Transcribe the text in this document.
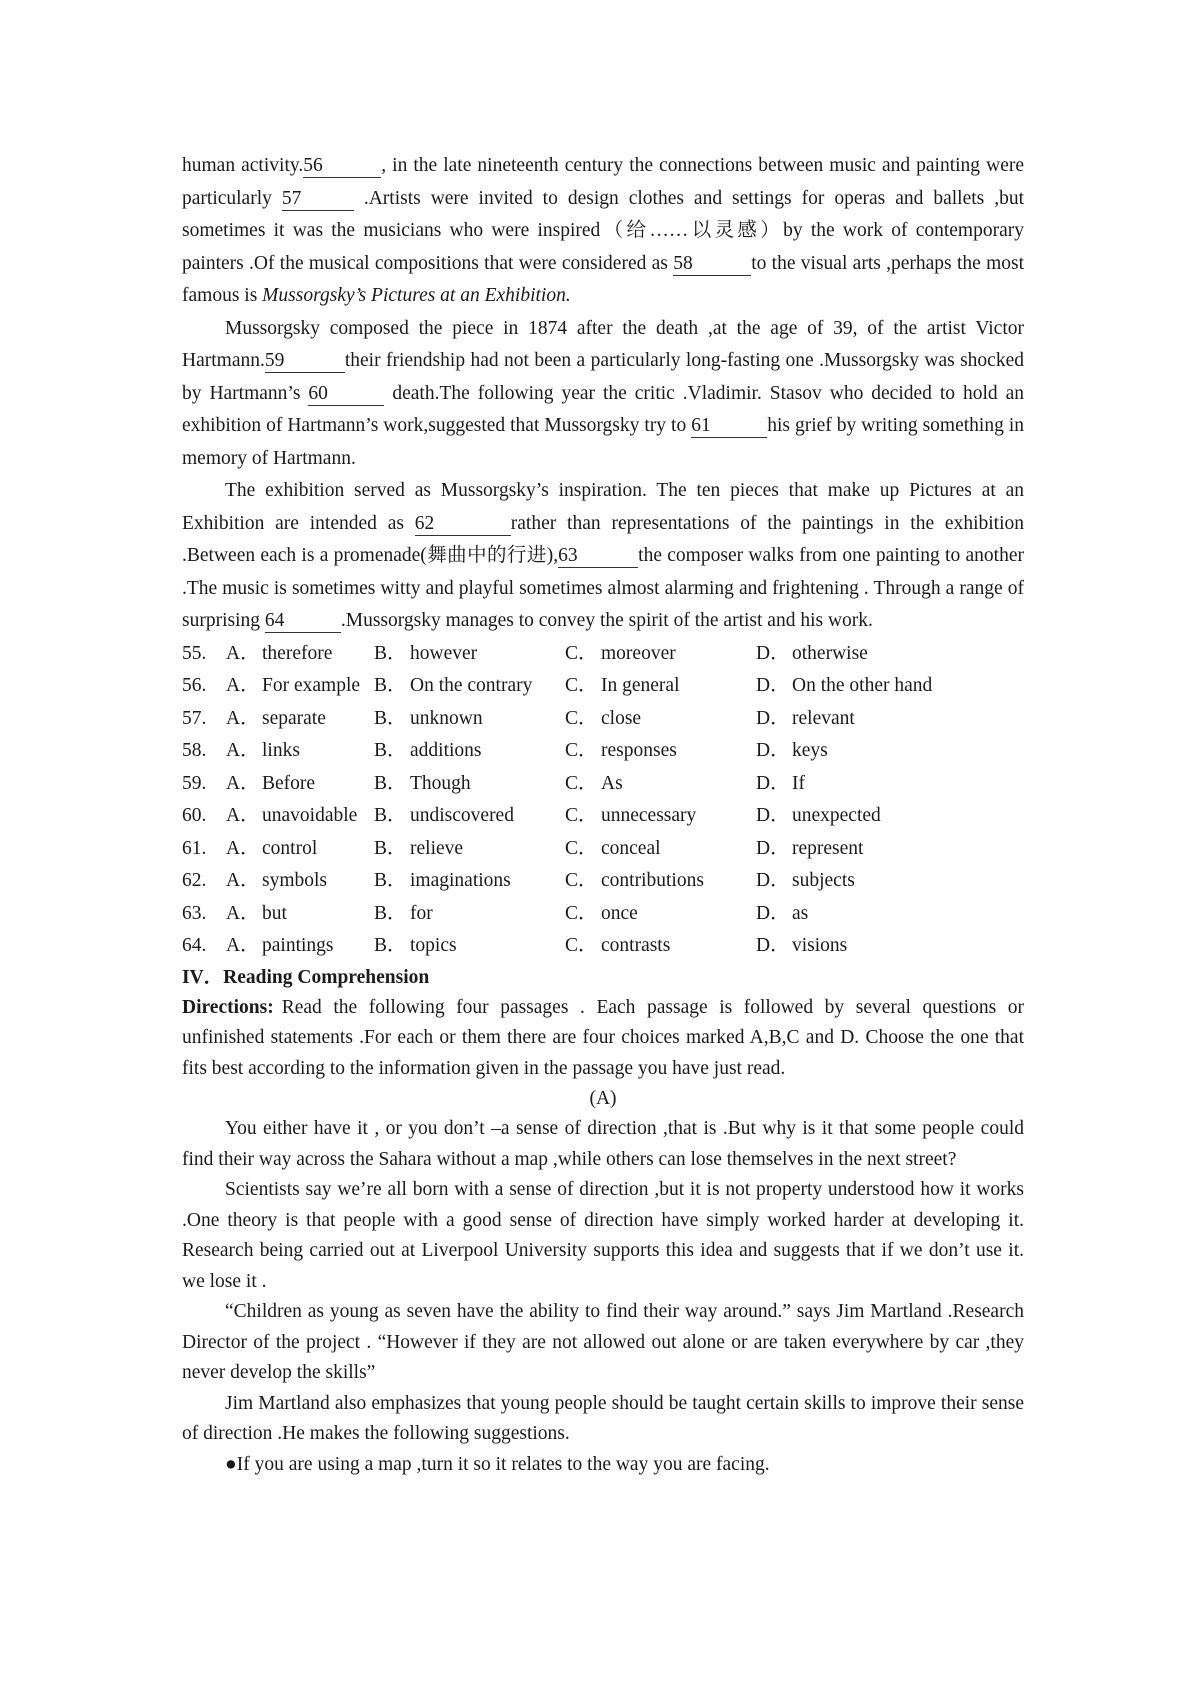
human activity.56	, in the late nineteenth century the connections between music and painting were particularly 57	.Artists were invited to design clothes and settings for operas and ballets ,but sometimes it was the musicians who were inspired（给……以灵感）by the work of contemporary painters .Of the musical compositions that were considered as 58	to the visual arts ,perhaps the most famous is Mussorgsky’s Pictures at an Exhibition.

Mussorgsky composed the piece in 1874 after the death ,at the age of 39, of the artist Victor Hartmann.59	their friendship had not been a particularly long-fasting one .Mussorgsky was shocked by Hartmann’s 60	death.The following year the critic .Vladimir. Stasov who decided to hold an exhibition of Hartmann’s work,suggested that Mussorgsky try to 61	his grief by writing something in memory of Hartmann.

The exhibition served as Mussorgsky’s inspiration. The ten pieces that make up Pictures at an Exhibition are intended as 62	rather than representations of the paintings in the exhibition .Between each is a promenade(舞曲中的行进),63	the composer walks from one painting to another .The music is sometimes witty and playful sometimes almost alarming and frightening . Through a range of surprising 64	.Mussorgsky manages to convey the spirit of the artist and his work.

55.	A． therefore B． however	C． moreover	D． otherwise
56.	A． For example B． On the contrary C． In general	D． On the other hand
57.	A． separate B． unknown	C． close	D． relevant
58.	A． links	B． additions	C． responses	D． keys
59.	A． Before	B． Though	C． As	D． If
60.	A． unavoidable B． undiscovered	C． unnecessary	D． unexpected
61.	A． control	B． relieve	C． conceal	D． represent
62.	A． symbols B． imaginations	C． contributions	D． subjects
63.	A． but	B． for	C． once	D． as
64.	A． paintings B． topics	C． contrasts	D． visions

IV．Reading Comprehension

Directions: Read the following four passages . Each passage is followed by several questions or unfinished statements .For each or them there are four choices marked A,B,C and D. Choose the one that fits best according to the information given in the passage you have just read.

(A)

You either have it , or you don’t –a sense of direction ,that is .But why is it that some people could find their way across the Sahara without a map ,while others can lose themselves in the next street?

Scientists say we’re all born with a sense of direction ,but it is not property understood how it works .One theory is that people with a good sense of direction have simply worked harder at developing it. Research being carried out at Liverpool University supports this idea and suggests that if we don’t use it. we lose it .

“Children as young as seven have the ability to find their way around.” says Jim Martland .Research Director of the project . “However if they are not allowed out alone or are taken everywhere by car ,they never develop the skills”

Jim Martland also emphasizes that young people should be taught certain skills to improve their sense of direction .He makes the following suggestions.

●If you are using a map ,turn it so it relates to the way you are facing.
